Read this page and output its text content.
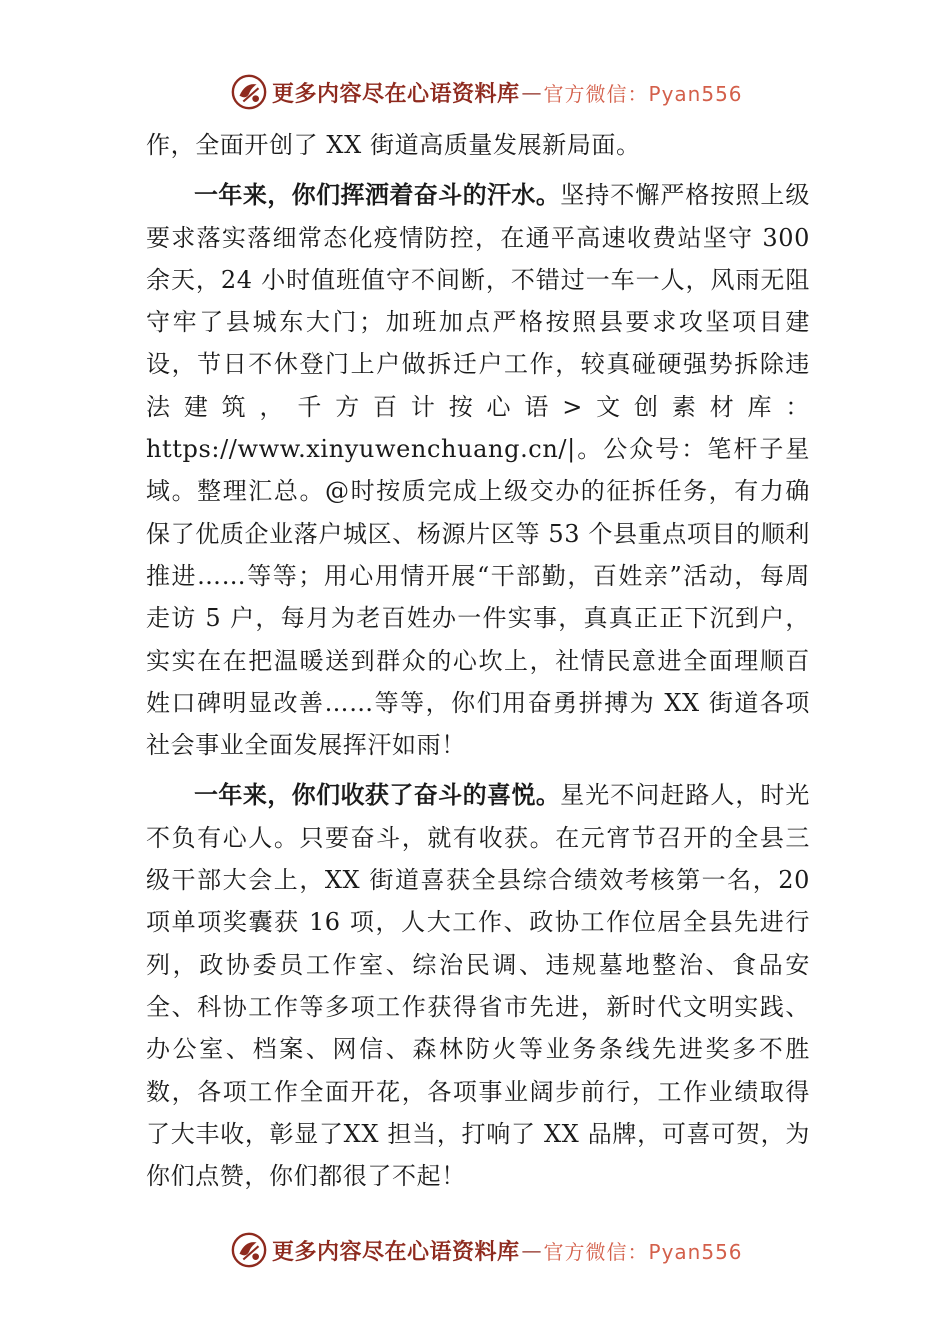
更多内容尽在心语资料库 — 官方微信：Pyan556

作，全面开创了 XX 街道高质量发展新局面。

一年来，你们挥洒着奋斗的汗水。坚持不懈严格按照上级要求落实落细常态化疫情防控，在通平高速收费站坚守 300 余天，24 小时值班值守不间断，不错过一车一人，风雨无阻守牢了县城东大门；加班加点严格按照县要求攻坚项目建设，节日不休登门上户做拆迁户工作，较真碰硬强势拆除违法建筑，千方百计按心语>文创素材库：https://www.xinyuwenchuang.cn/|。公众号：笔杆子星域。整理汇总。@时按质完成上级交办的征拆任务，有力确保了优质企业落户城区、杨源片区等 53 个县重点项目的顺利推进……等等；用心用情开展“干部勤，百姓亲”活动，每周走访 5 户，每月为老百姓办一件实事，真真正正下沉到户，实实在在把温暖送到群众的心坎上，社情民意进全面理顺百姓口碑明显改善……等等，你们用奋勇拼搏为 XX 街道各项社会事业全面发展挥汗如雨！

一年来，你们收获了奋斗的喜悦。星光不问赶路人，时光不负有心人。只要奋斗，就有收获。在元宵节召开的全县三级干部大会上，XX 街道喜获全县综合绩效考核第一名，20 项单项奖囊获 16 项，人大工作、政协工作位居全县先进行列，政协委员工作室、综治民调、违规墓地整治、食品安全、科协工作等多项工作获得省市先进，新时代文明实践、办公室、档案、网信、森林防火等业务条线先进奖多不胜数，各项工作全面开花，各项事业阔步前行，工作业绩取得了大丰收，彰显了XX 担当，打响了 XX 品牌，可喜可贺，为你们点赞，你们都很了不起！

更多内容尽在心语资料库 — 官方微信：Pyan556
